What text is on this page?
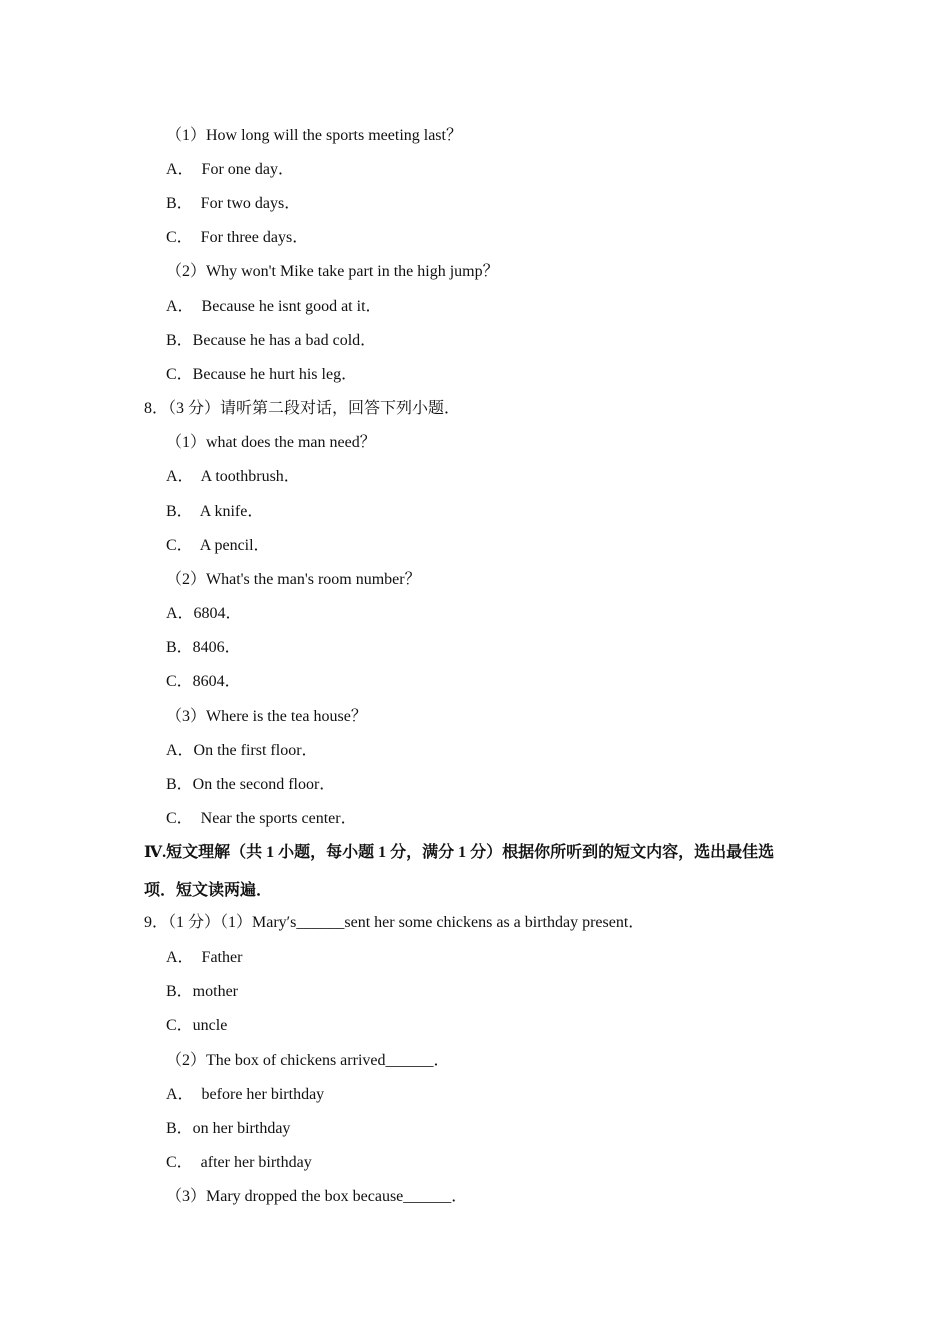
（1）How long will the sports meeting last？
A．  For one day．
B．  For two days．
C．  For three days．
（2）Why won't Mike take part in the high jump？
A．  Because he isnt good at it．
B．Because he has a bad cold．
C．Because he hurt his leg．
8．（3 分）请听第二段对话，回答下列小题．
（1）what does the man need？
A．  A toothbrush．
B．  A knife．
C．  A pencil．
（2）What's the man's room number？
A．6804．
B．8406．
C．8604．
（3）Where is the tea house？
A．On the first floor．
B．On the second floor．
C．  Near the sports center．
Ⅳ.短文理解（共 1 小题，每小题 1 分，满分 1 分）根据你所听到的短文内容，选出最佳选
项．短文读两遍．
9．（1 分）（1）Mary′s______sent her some chickens as a birthday present．
A．  Father
B．mother
C．uncle
（2）The box of chickens arrived______．
A．  before her birthday
B．on her birthday
C．  after her birthday
（3）Mary dropped the box because______．
